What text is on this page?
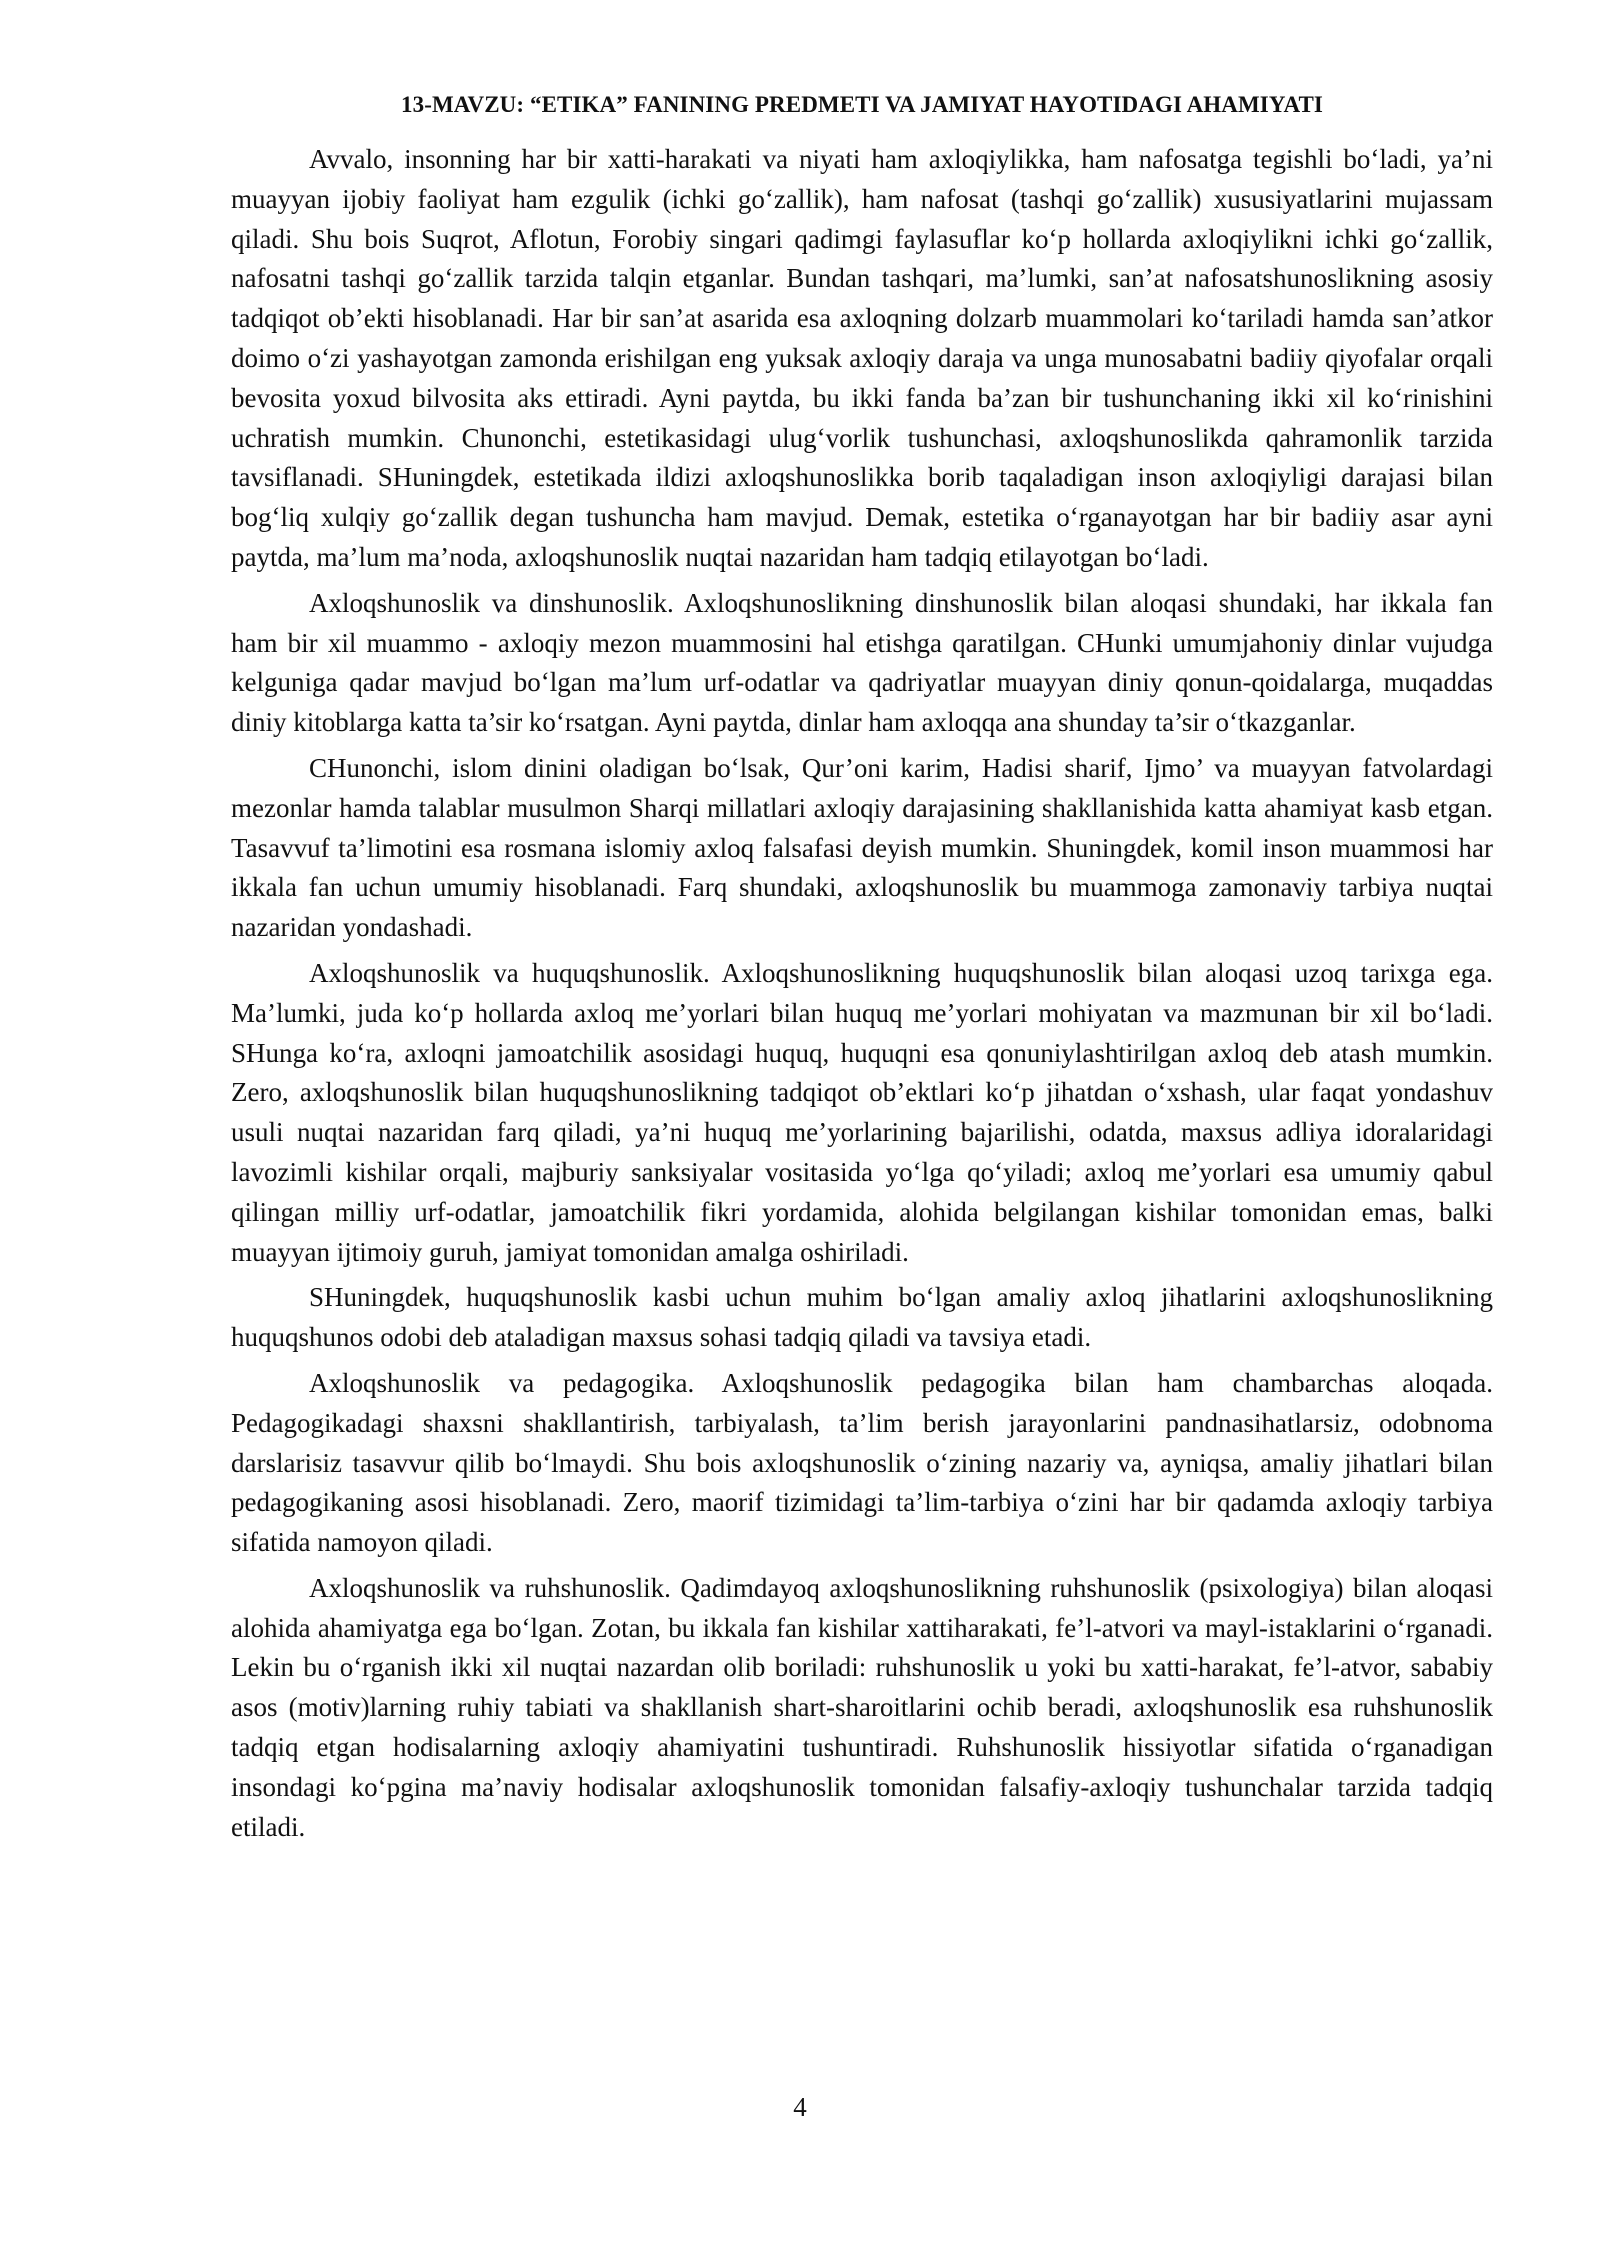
13-MAVZU: “ETIKA” FANINING PREDMETI VA JAMIYAT HAYOTIDAGI AHAMIYATI

Avvalo, insonning har bir xatti-harakati va niyati ham axloqiylikka, ham nafosatga tegishli bo‘ladi, ya’ni muayyan ijobiy faoliyat ham ezgulik (ichki go‘zallik), ham nafosat (tashqi go‘zallik) xususiyatlarini mujassam qiladi. Shu bois Suqrot, Aflotun, Forobiy singari qadimgi faylasuflar ko‘p hollarda axloqiylikni ichki go‘zallik, nafosatni tashqi go‘zallik tarzida talqin etganlar. Bundan tashqari, ma’lumki, san’at nafosatshunoslikning asosiy tadqiqot ob’ekti hisoblanadi. Har bir san’at asarida esa axloqning dolzarb muammolari ko‘tariladi hamda san’atkor doimo o‘zi yashayotgan zamonda erishilgan eng yuksak axloqiy daraja va unga munosabatni badiiy qiyofalar orqali bevosita yoxud bilvosita aks ettiradi. Ayni paytda, bu ikki fanda ba’zan bir tushunchaning ikki xil ko‘rinishini uchratish mumkin. Chunonchi, estetikasidagi ulug‘vorlik tushunchasi, axloqshunoslikda qahramonlik tarzida tavsiflanadi. SHuningdek, estetikada ildizi axloqshunoslikka borib taqaladigan inson axloqiyligi darajasi bilan bog‘liq xulqiy go‘zallik degan tushuncha ham mavjud. Demak, estetika o‘rganayotgan har bir badiiy asar ayni paytda, ma’lum ma’noda, axloqshunoslik nuqtai nazaridan ham tadqiq etilayotgan bo‘ladi.

Axloqshunoslik va dinshunoslik. Axloqshunoslikning dinshunoslik bilan aloqasi shundaki, har ikkala fan ham bir xil muammo - axloqiy mezon muammosini hal etishga qaratilgan. CHunki umumjahoniy dinlar vujudga kelguniga qadar mavjud bo‘lgan ma’lum urf-odatlar va qadriyatlar muayyan diniy qonun-qoidalarga, muqaddas diniy kitoblarga katta ta’sir ko‘rsatgan. Ayni paytda, dinlar ham axloqqa ana shunday ta’sir o‘tkazganlar.

CHunonchi, islom dinini oladigan bo‘lsak, Qur’oni karim, Hadisi sharif, Ijmo’ va muayyan fatvolardagi mezonlar hamda talablar musulmon Sharqi millatlari axloqiy darajasining shakllanishida katta ahamiyat kasb etgan. Tasavvuf ta’limotini esa rosmana islomiy axloq falsafasi deyish mumkin. Shuningdek, komil inson muammosi har ikkala fan uchun umumiy hisoblanadi. Farq shundaki, axloqshunoslik bu muammoga zamonaviy tarbiya nuqtai nazaridan yondashadi.

Axloqshunoslik va huquqshunoslik. Axloqshunoslikning huquqshunoslik bilan aloqasi uzoq tarixga ega. Ma’lumki, juda ko‘p hollarda axloq me’yorlari bilan huquq me’yorlari mohiyatan va mazmunan bir xil bo‘ladi. SHunga ko‘ra, axloqni jamoatchilik asosidagi huquq, huquqni esa qonuniylashtirilgan axloq deb atash mumkin. Zero, axloqshunoslik bilan huquqshunoslikning tadqiqot ob’ektlari ko‘p jihatdan o‘xshash, ular faqat yondashuv usuli nuqtai nazaridan farq qiladi, ya’ni huquq me’yorlarining bajarilishi, odatda, maxsus adliya idoralaridagi lavozimli kishilar orqali, majburiy sanksiyalar vositasida yo‘lga qo‘yiladi; axloq me’yorlari esa umumiy qabul qilingan milliy urf-odatlar, jamoatchilik fikri yordamida, alohida belgilangan kishilar tomonidan emas, balki muayyan ijtimoiy guruh, jamiyat tomonidan amalga oshiriladi.

SHuningdek, huquqshunoslik kasbi uchun muhim bo‘lgan amaliy axloq jihatlarini axloqshunoslikning huquqshunos odobi deb ataladigan maxsus sohasi tadqiq qiladi va tavsiya etadi.

Axloqshunoslik va pedagogika. Axloqshunoslik pedagogika bilan ham chambarchas aloqada. Pedagogikadagi shaxsni shakllantirish, tarbiyalash, ta’lim berish jarayonlarini pandnasihatlarsiz, odobnoma darslarisiz tasavvur qilib bo‘lmaydi. Shu bois axloqshunoslik o‘zining nazariy va, ayniqsa, amaliy jihatlari bilan pedagogikaning asosi hisoblanadi. Zero, maorif tizimidagi ta’lim-tarbiya o‘zini har bir qadamda axloqiy tarbiya sifatida namoyon qiladi.

Axloqshunoslik va ruhshunoslik. Qadimdayoq axloqshunoslikning ruhshunoslik (psixologiya) bilan aloqasi alohida ahamiyatga ega bo‘lgan. Zotan, bu ikkala fan kishilar xattiharakati, fe’l-atvori va mayl-istaklarini o‘rganadi. Lekin bu o‘rganish ikki xil nuqtai nazardan olib boriladi: ruhshunoslik u yoki bu xatti-harakat, fe’l-atvor, sababiy asos (motiv)larning ruhiy tabiati va shakllanish shart-sharoitlarini ochib beradi, axloqshunoslik esa ruhshunoslik tadqiq etgan hodisalarning axloqiy ahamiyatini tushuntiradi. Ruhshunoslik hissiyotlar sifatida o‘rganadigan insondagi ko‘pgina ma’naviy hodisalar axloqshunoslik tomonidan falsafiy-axloqiy tushunchalar tarzida tadqiq etiladi.

4
